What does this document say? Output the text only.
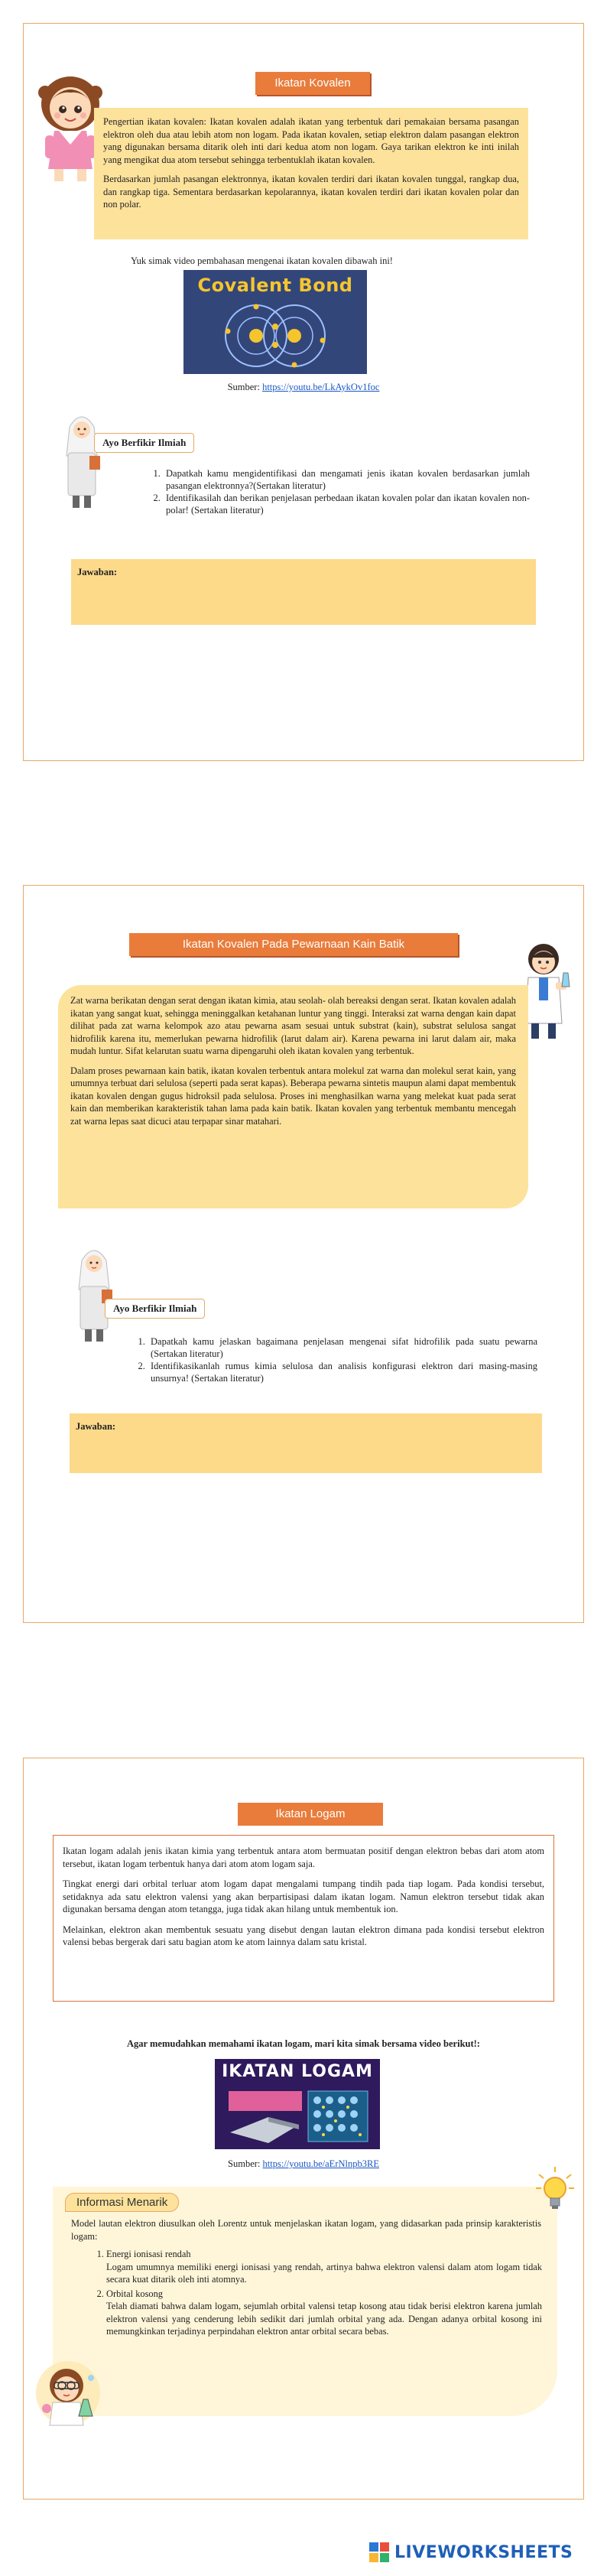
Ikatan Kovalen

Pengertian ikatan kovalen: Ikatan kovalen adalah ikatan yang terbentuk dari pemakaian bersama pasangan elektron oleh dua atau lebih atom non logam. Pada ikatan kovalen, setiap elektron dalam pasangan elektron yang digunakan bersama ditarik oleh inti dari kedua atom non logam. Gaya tarikan elektron ke inti inilah yang mengikat dua atom tersebut sehingga terbentuklah ikatan kovalen.

Berdasarkan jumlah pasangan elektronnya, ikatan kovalen terdiri dari ikatan kovalen tunggal, rangkap dua, dan rangkap tiga. Sementara berdasarkan kepolarannya, ikatan kovalen terdiri dari ikatan kovalen polar dan non polar.

Yuk simak video pembahasan mengenai ikatan kovalen dibawah ini!
Covalent Bond
Sumber: https://youtu.be/LkAykOv1foc
Ayo Berfikir Ilmiah
1. Dapatkah kamu mengidentifikasi dan mengamati jenis ikatan kovalen berdasarkan jumlah pasangan elektronnya?(Sertakan literatur)
2. Identifikasilah dan berikan penjelasan perbedaan ikatan kovalen polar dan ikatan kovalen non-polar! (Sertakan literatur)
Jawaban:
Ikatan Kovalen Pada Pewarnaan Kain Batik

Zat warna berikatan dengan serat dengan ikatan kimia, atau seolah- olah bereaksi dengan serat. Ikatan kovalen adalah ikatan yang sangat kuat, sehingga meninggalkan ketahanan luntur yang tinggi. Interaksi zat warna dengan kain dapat dilihat pada zat warna kelompok azo atau pewarna asam sesuai untuk substrat (kain), substrat selulosa sangat hidrofilik karena itu, memerlukan pewarna hidrofilik (larut dalam air). Karena pewarna ini larut dalam air, maka mudah luntur. Sifat kelarutan suatu warna dipengaruhi oleh ikatan kovalen yang terbentuk.

Dalam proses pewarnaan kain batik, ikatan kovalen terbentuk antara molekul zat warna dan molekul serat kain, yang umumnya terbuat dari selulosa (seperti pada serat kapas). Beberapa pewarna sintetis maupun alami dapat membentuk ikatan kovalen dengan gugus hidroksil pada selulosa. Proses ini menghasilkan warna yang melekat kuat pada serat kain dan memberikan karakteristik tahan lama pada kain batik. Ikatan kovalen yang terbentuk membantu mencegah zat warna lepas saat dicuci atau terpapar sinar matahari.

Ayo Berfikir Ilmiah
1. Dapatkah kamu jelaskan bagaimana penjelasan mengenai sifat hidrofilik pada suatu pewarna (Sertakan literatur)
2. Identifikasikanlah rumus kimia selulosa dan analisis konfigurasi elektron dari masing-masing unsurnya! (Sertakan literatur)
Jawaban:
Ikatan Logam

Ikatan logam adalah jenis ikatan kimia yang terbentuk antara atom bermuatan positif dengan elektron bebas dari atom atom tersebut, ikatan logam terbentuk hanya dari atom atom logam saja.

Tingkat energi dari orbital terluar atom logam dapat mengalami tumpang tindih pada tiap logam. Pada kondisi tersebut, setidaknya ada satu elektron valensi yang akan berpartisipasi dalam ikatan logam. Namun elektron tersebut tidak akan digunakan bersama dengan atom tetangga, juga tidak akan hilang untuk membentuk ion.

Melainkan, elektron akan membentuk sesuatu yang disebut dengan lautan elektron dimana pada kondisi tersebut elektron valensi bebas bergerak dari satu bagian atom ke atom lainnya dalam satu kristal.

Agar memudahkan memahami ikatan logam, mari kita simak bersama video berikut!:
IKATAN LOGAM
Sumber: https://youtu.be/aErNlnpb3RE
Informasi Menarik
Model lautan elektron diusulkan oleh Lorentz untuk menjelaskan ikatan logam, yang didasarkan pada prinsip karakteristis logam:
1. Energi ionisasi rendah
Logam umumnya memiliki energi ionisasi yang rendah, artinya bahwa elektron valensi dalam atom logam tidak secara kuat ditarik oleh inti atomnya.
2. Orbital kosong
Telah diamati bahwa dalam logam, sejumlah orbital valensi tetap kosong atau tidak berisi elektron karena jumlah elektron valensi yang cenderung lebih sedikit dari jumlah orbital yang ada. Dengan adanya orbital kosong ini memungkinkan terjadinya perpindahan elektron antar orbital secara bebas.
LIVEWORKSHEETS
